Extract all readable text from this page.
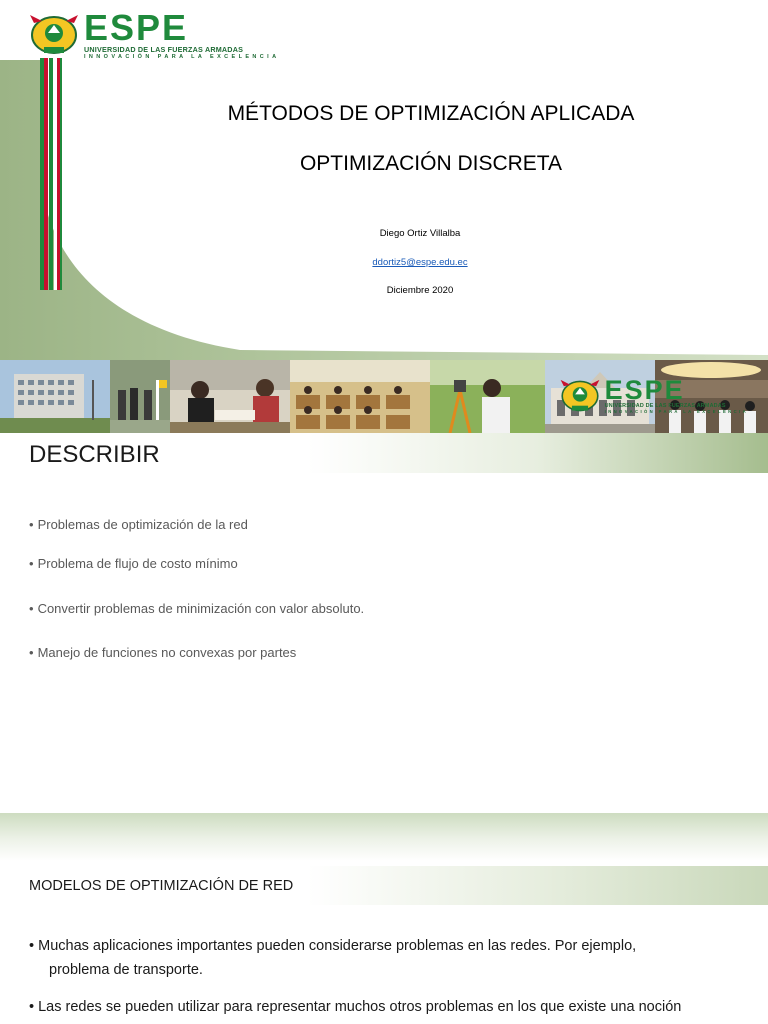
ESPE
UNIVERSIDAD DE LAS FUERZAS ARMADAS
INNOVACIÓN PARA LA EXCELENCIA
MÉTODOS DE OPTIMIZACIÓN APLICADA
OPTIMIZACIÓN DISCRETA
Diego Ortiz Villalba
ddortiz5@espe.edu.ec
Diciembre 2020
DESCRIBIR
• Problemas de optimización de la red
• Problema de flujo de costo mínimo
• Convertir problemas de minimización con valor absoluto.
• Manejo de funciones no convexas por partes
ESPE
UNIVERSIDAD DE LAS FUERZAS ARMADAS
INNOVACIÓN PARA LA EXCELENCIA
MODELOS DE OPTIMIZACIÓN DE RED
• Muchas aplicaciones importantes pueden considerarse problemas en las redes. Por ejemplo,
problema de transporte.
• Las redes se pueden utilizar para representar muchos otros problemas en los que existe una noción
